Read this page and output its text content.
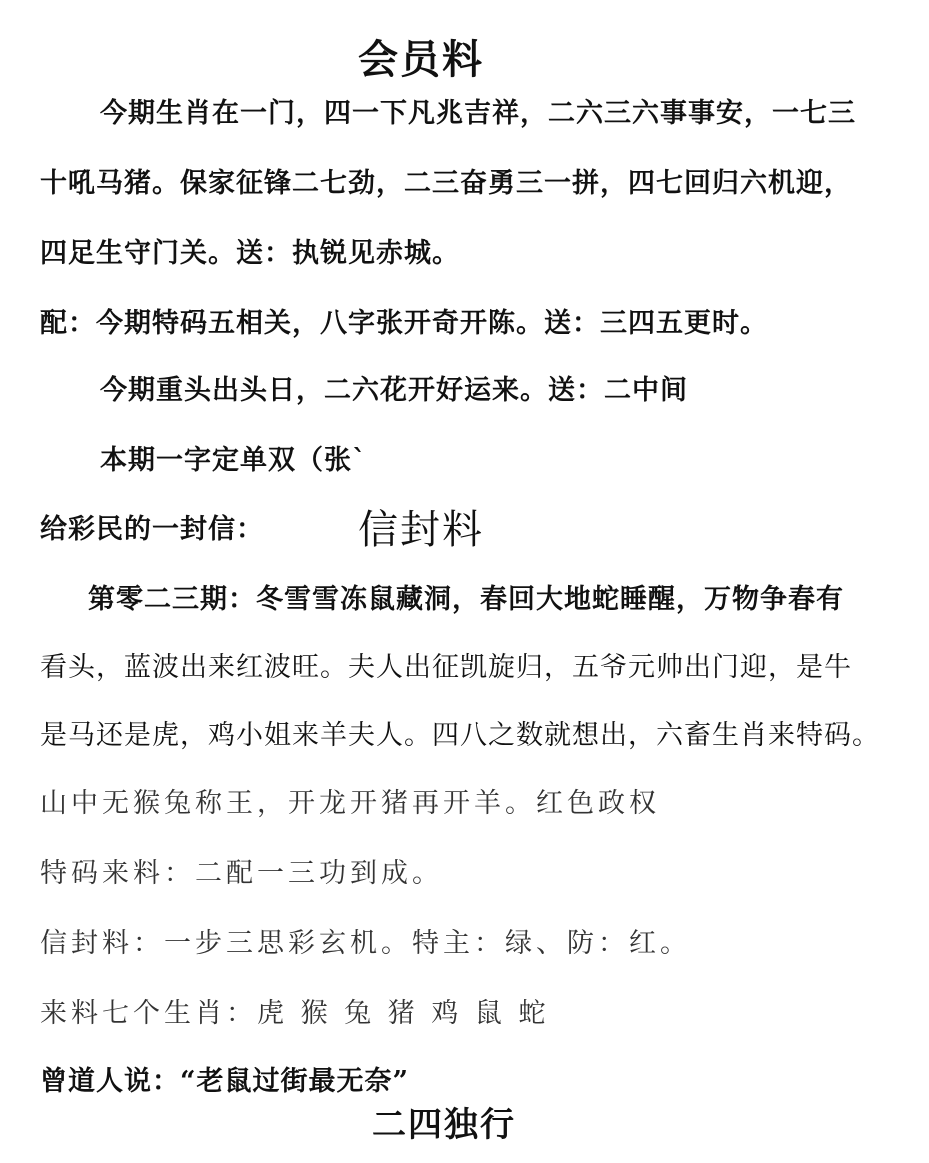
会员料
今期生肖在一门，四一下凡兆吉祥，二六三六事事安，一七三
十吼马猪。保家征锋二七劲，二三奋勇三一拼，四七回归六机迎，
四足生守门关。送：执锐见赤城。
配：今期特码五相关，八字张开奇开陈。送：三四五更时。
今期重头出头日，二六花开好运来。送：二中间
本期一字定单双（张`
给彩民的一封信： 信封料
第零二三期：冬雪雪冻鼠藏洞，春回大地蛇睡醒，万物争春有
看头，蓝波出来红波旺。夫人出征凯旋归，五爷元帅出门迎，是牛
是马还是虎，鸡小姐来羊夫人。四八之数就想出，六畜生肖来特码。
山中无猴兔称王，开龙开猪再开羊。红色政权
特码来料：二配一三功到成。
信封料：一步三思彩玄机。特主：绿、防：红。
来料七个生肖：虎 猴 兔 猪 鸡 鼠 蛇
曾道人说：“老鼠过街最无奈”
二四独行
